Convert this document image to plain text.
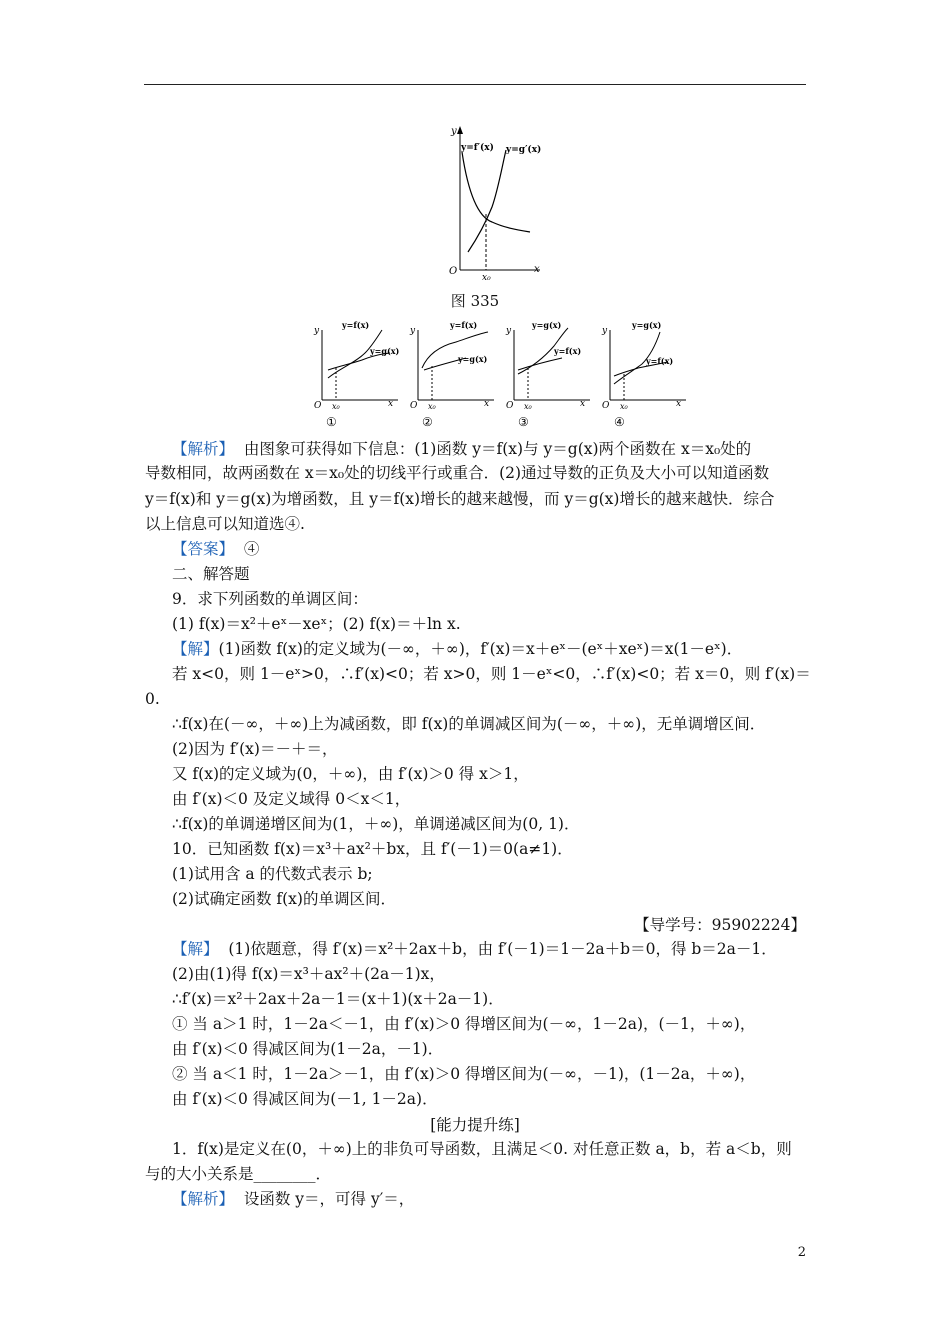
y
y=f′(x) y=g′(x)
O
x₀
x
图 335
y
y=f(x)
y=g(x)
O x₀	x
①
y
y=f(x)
y=g(x)
O x₀	x
②
y
y=g(x)
y=f(x)
O x₀	x
③
y
y=g(x)
y=f(x)
O x₀	x
④
【解析】 由图象可获得如下信息：(1)函数 y＝f(x)与 y＝g(x)两个函数在 x＝x₀处的
导数相同，故两函数在 x＝x₀处的切线平行或重合．(2)通过导数的正负及大小可以知道函数
y＝f(x)和 y＝g(x)为增函数，且 y＝f(x)增长的越来越慢，而 y＝g(x)增长的越来越快．综合
以上信息可以知道选④.
【答案】 ④
二、解答题
9．求下列函数的单调区间：
(1) f(x)＝x²＋eˣ－xeˣ；(2) f(x)＝＋ln x.
【解】(1)函数 f(x)的定义域为(－∞，＋∞)，f′(x)＝x＋eˣ－(eˣ＋xeˣ)＝x(1－eˣ)．
若 x<0，则 1－eˣ>0，∴f′(x)<0；若 x>0，则 1－eˣ<0，∴f′(x)<0；若 x＝0，则 f′(x)＝
0.
∴f(x)在(－∞，＋∞)上为减函数，即 f(x)的单调减区间为(－∞，＋∞)，无单调增区间．
(2)因为 f′(x)＝－＋＝，
又 f(x)的定义域为(0，＋∞)，由 f′(x)＞0 得 x＞1，
由 f′(x)＜0 及定义域得 0＜x＜1，
∴f(x)的单调递增区间为(1，＋∞)，单调递减区间为(0, 1)．
10．已知函数 f(x)＝x³＋ax²＋bx，且 f′(－1)＝0(a≠1)．
(1)试用含 a 的代数式表示 b;
(2)试确定函数 f(x)的单调区间．
【导学号：95902224】
【解】 (1)依题意，得 f′(x)＝x²＋2ax＋b，由 f′(－1)＝1－2a＋b＝0，得 b＝2a－1．
(2)由(1)得 f(x)＝x³＋ax²＋(2a－1)x，
∴f′(x)＝x²＋2ax＋2a－1＝(x＋1)(x＋2a－1)．
① 当 a＞1 时，1－2a＜－1，由 f′(x)＞0 得增区间为(－∞，1－2a)，(－1，＋∞)，
由 f′(x)＜0 得减区间为(1－2a，－1)．
② 当 a＜1 时，1－2a＞－1，由 f′(x)＞0 得增区间为(－∞，－1)，(1－2a，＋∞)，
由 f′(x)＜0 得减区间为(－1, 1－2a)．
[能力提升练]
1．f(x)是定义在(0，＋∞)上的非负可导函数，且满足＜0. 对任意正数 a，b，若 a＜b，则
与的大小关系是________．
【解析】 设函数 y＝，可得 y′＝，
2
